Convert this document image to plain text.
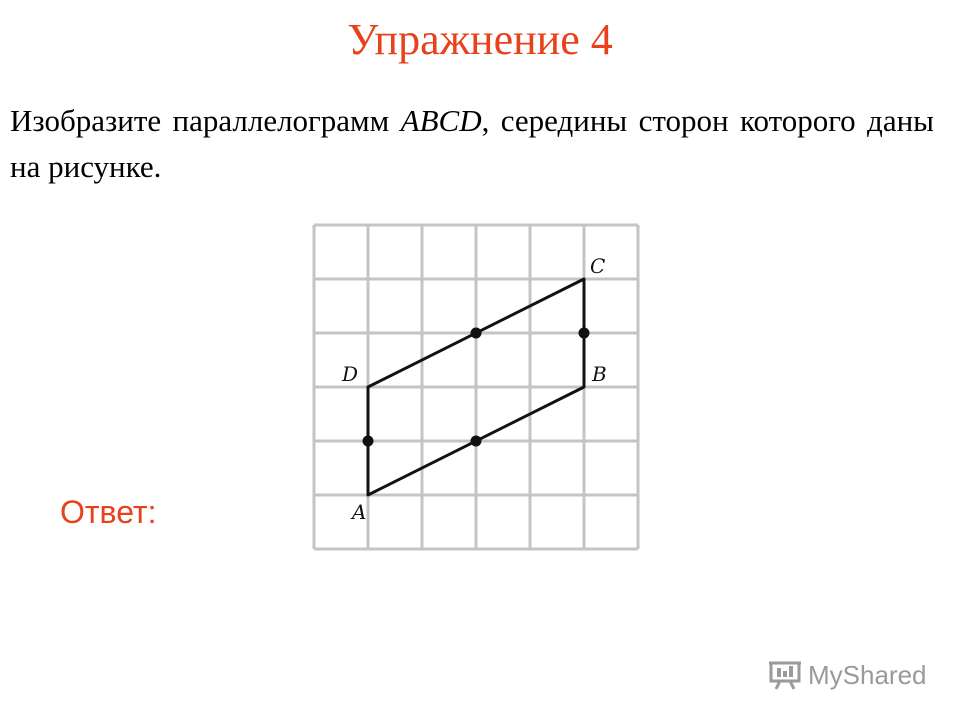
Упражнение 4
Изобразите параллелограмм ABCD, середины сторон которого даны на рисунке.
A
B
C
D
Ответ:
MyShared
